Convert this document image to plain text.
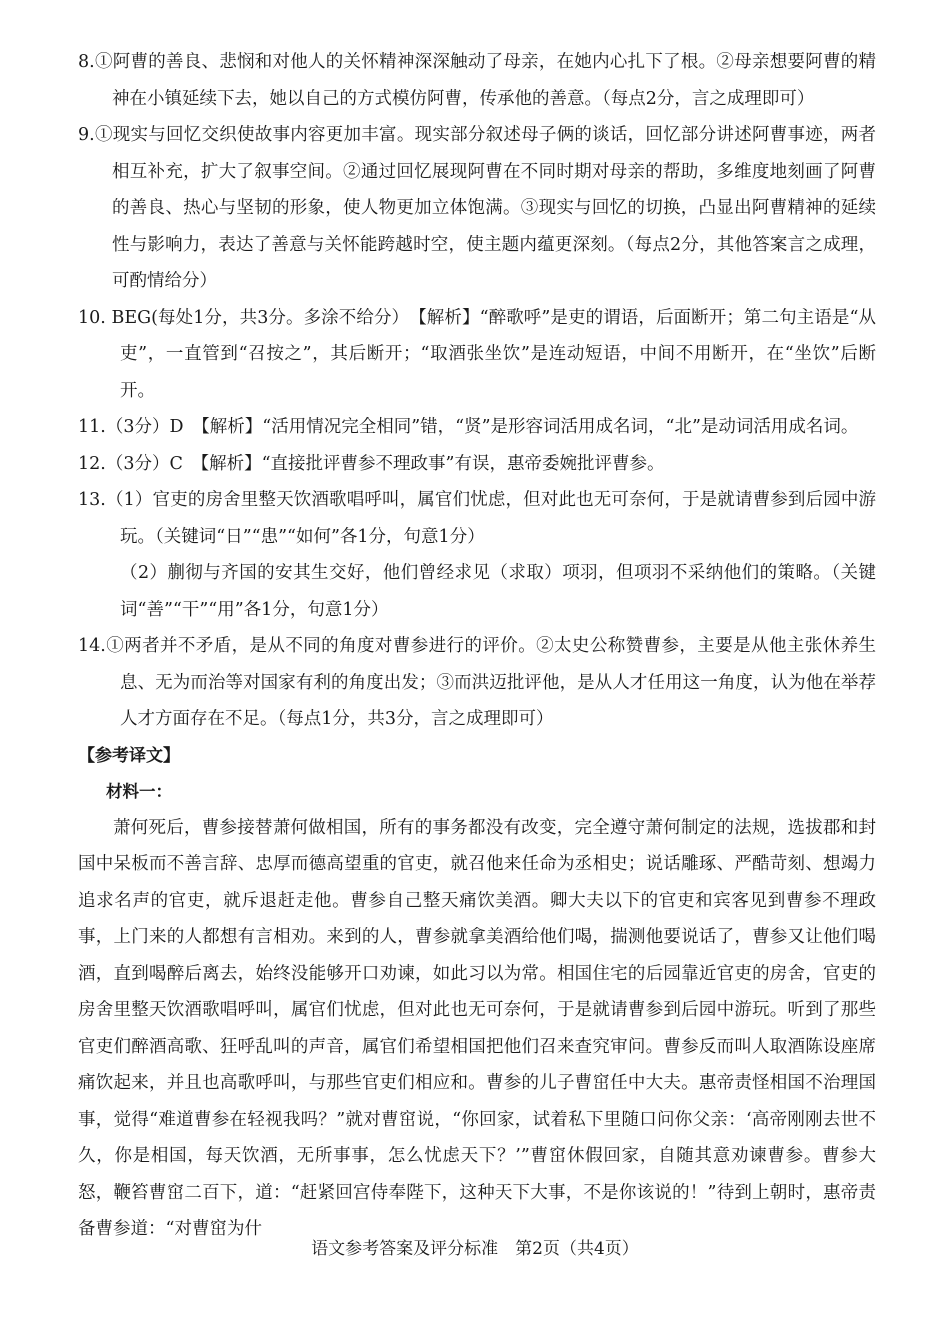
8.①阿曹的善良、悲悯和对他人的关怀精神深深触动了母亲，在她内心扎下了根。②母亲想要阿曹的精神在小镇延续下去，她以自己的方式模仿阿曹，传承他的善意。（每点2分，言之成理即可）

9.①现实与回忆交织使故事内容更加丰富。现实部分叙述母子俩的谈话，回忆部分讲述阿曹事迹，两者相互补充，扩大了叙事空间。②通过回忆展现阿曹在不同时期对母亲的帮助，多维度地刻画了阿曹的善良、热心与坚韧的形象，使人物更加立体饱满。③现实与回忆的切换，凸显出阿曹精神的延续性与影响力，表达了善意与关怀能跨越时空，使主题内蕴更深刻。（每点2分，其他答案言之成理，可酌情给分）

10. BEG(每处1分，共3分。多涂不给分）　【解析】“醉歌呼”是吏的谓语，后面断开；第二句主语是“从吏”，一直管到“召按之”，其后断开；“取酒张坐饮”是连动短语，中间不用断开，在“坐饮”后断开。

11.（3分）D　【解析】“活用情况完全相同”错，“贤”是形容词活用成名词，“北”是动词活用成名词。

12.（3分）C　【解析】“直接批评曹参不理政事”有误，惠帝委婉批评曹参。

13.（1）官吏的房舍里整天饮酒歌唱呼叫，属官们忧虑，但对此也无可奈何，于是就请曹参到后园中游玩。（关键词“日”“患”“如何”各1分，句意1分）

（2）蒯彻与齐国的安其生交好，他们曾经求见（求取）项羽，但项羽不采纳他们的策略。（关键词“善”“干”“用”各1分，句意1分）

14.①两者并不矛盾，是从不同的角度对曹参进行的评价。②太史公称赞曹参，主要是从他主张休养生息、无为而治等对国家有利的角度出发；③而洪迈批评他，是从人才任用这一角度，认为他在举荐人才方面存在不足。（每点1分，共3分，言之成理即可）

【参考译文】

材料一：

萧何死后，曹参接替萧何做相国，所有的事务都没有改变，完全遵守萧何制定的法规，选拔郡和封国中呆板而不善言辞、忠厚而德高望重的官吏，就召他来任命为丞相史；说话雕琢、严酷苛刻、想竭力追求名声的官吏，就斥退赶走他。曹参自己整天痛饮美酒。卿大夫以下的官吏和宾客见到曹参不理政事，上门来的人都想有言相劝。来到的人，曹参就拿美酒给他们喝，揣测他要说话了，曹参又让他们喝酒，直到喝醉后离去，始终没能够开口劝谏，如此习以为常。相国住宅的后园靠近官吏的房舍，官吏的房舍里整天饮酒歌唱呼叫，属官们忧虑，但对此也无可奈何，于是就请曹参到后园中游玩。听到了那些官吏们醉酒高歌、狂呼乱叫的声音，属官们希望相国把他们召来查究审问。曹参反而叫人取酒陈设座席痛饮起来，并且也高歌呼叫，与那些官吏们相应和。曹参的儿子曹窋任中大夫。惠帝责怪相国不治理国事，觉得“难道曹参在轻视我吗？”就对曹窋说，“你回家，试着私下里随口问你父亲：‘高帝刚刚去世不久，你是相国，每天饮酒，无所事事，怎么忧虑天下？’”曹窋休假回家，自随其意劝谏曹参。曹参大怒，鞭笞曹窋二百下，道：“赶紧回宫侍奉陛下，这种天下大事，不是你该说的！”待到上朝时，惠帝责备曹参道：“对曹窋为什

语文参考答案及评分标准　第2页（共4页）
